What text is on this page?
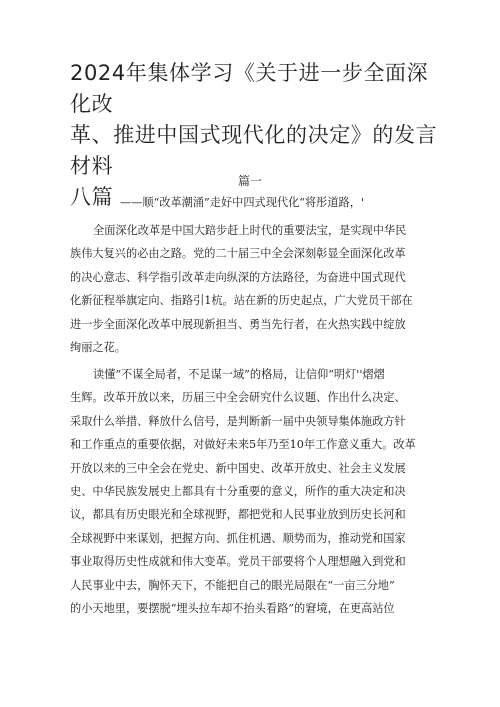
2024年集体学习《关于进一步全面深化改
革、推进中国式现代化的决定》的发言材料
八篇
篇一
——顺“改革潮涌”走好中四式现代化“将彤道路，'
全面深化改革是中国大踣步赶上时代的重要法宝，是实现中华民
族伟大复兴的必由之路。党的二十届三中全会深刻彰显全面深化改革
的决心意志、科学指引改革走向纵深的方法路径，为奋进中国式现代
化新征程举旗定向、指路引1杭。站在新的历史起点，广大党员干部在
进一步全面深化改革中展现新担当、勇当先行者，在火热实践中绽放
绚丽之花。
读懂“不谋全局者，不足谋一域”的格局，让信仰“明灯''熠熠
生辉。改革开放以来，历届三中全会研究什么议题、作出什么决定、
采取什么举措、释放什么信号，是判断新一届中央领导集体施政方针
和工作重点的重要依据，对做好未来5年乃至10年工作意义重大。改革
开放以来的三中全会在党史、新中国史、改革开放史、社会主义发展
史、中华民族发展史上都具有十分重要的意义，所作的重大决定和决
议，都具有历史眼光和全球视野，都把党和人民事业放到历史长河和
全球视野中来谋划，把握方向、抓住机遇、顺势而为，推动党和国家
事业取得历史性成就和伟大变革。党员干部要将个人理想融入到党和
人民事业中去，胸怀天下，不能把自己的眼光局限在“一亩三分地”
的小天地里，要摆脱“埋头拉车却不抬头看路”的窘境，在更高站位
